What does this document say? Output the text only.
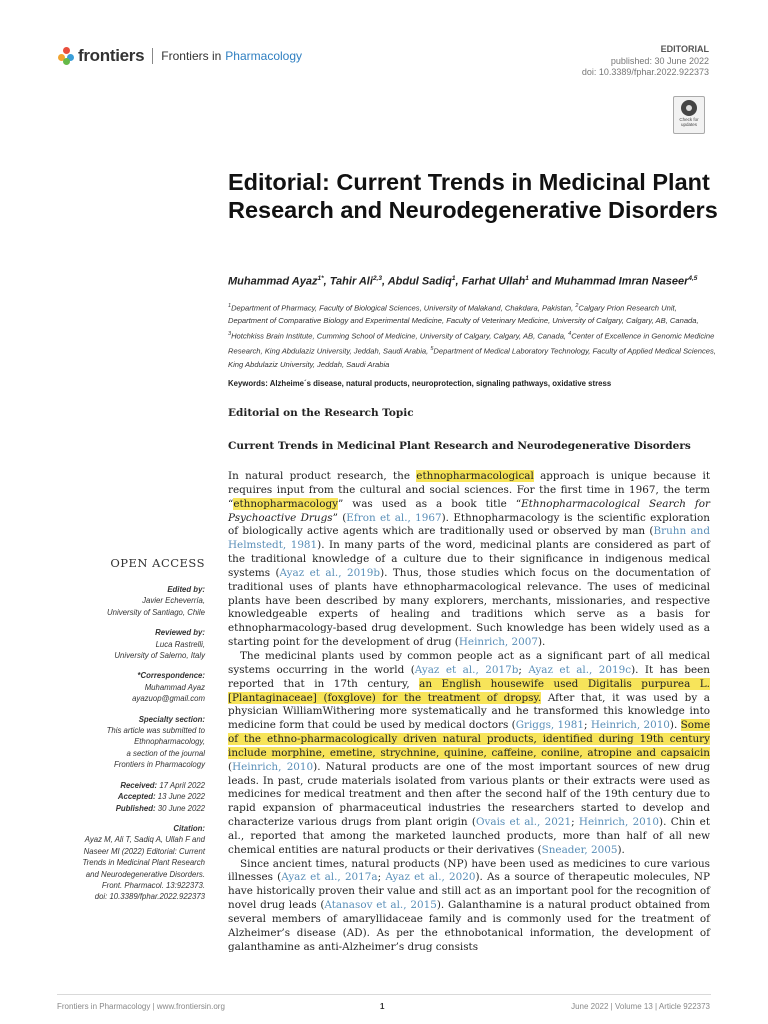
frontiers Frontiers in Pharmacology	EDITORIAL
published: 30 June 2022
doi: 10.3389/fphar.2022.922373
Check for updates
Editorial: Current Trends in Medicinal Plant Research and Neurodegenerative Disorders
Muhammad Ayaz$^{1*}$, Tahir Ali$^{2,3}$, Abdul Sadiq$^1$, Farhat Ullah$^1$ and Muhammad Imran Naseer$^{4,5}$
$^1$Department of Pharmacy, Faculty of Biological Sciences, University of Malakand, Chakdara, Pakistan, $^2$Calgary Prion Research Unit, Department of Comparative Biology and Experimental Medicine, Faculty of Veterinary Medicine, University of Calgary, Calgary, AB, Canada, $^3$Hotchkiss Brain Institute, Cumming School of Medicine, University of Calgary, Calgary, AB, Canada, $^4$Center of Excellence in Genomic Medicine Research, King Abdulaziz University, Jeddah, Saudi Arabia, $^5$Department of Medical Laboratory Technology, Faculty of Applied Medical Sciences, King Abdulaziz University, Jeddah, Saudi Arabia
Keywords: Alzheime´s disease, natural products, neuroprotection, signaling pathways, oxidative stress
Editorial on the Research Topic
Current Trends in Medicinal Plant Research and Neurodegenerative Disorders

In natural product research, the ethnopharmacological approach is unique because it requires input from the cultural and social sciences. For the first time in 1967, the term “ethnopharmacology” was used as a book title “Ethnopharmacological Search for Psychoactive Drugs” (Efron et al., 1967). Ethnopharmacology is the scientific exploration of biologically active agents which are traditionally used or observed by man (Bruhn and Helmstedt, 1981). In many parts of the word, medicinal plants are considered as part of the traditional knowledge of a culture due to their significance in indigenous medical systems (Ayaz et al., 2019b). Thus, those studies which focus on the documentation of traditional uses of plants have ethnopharmacological relevance. The uses of medicinal plants have been described by many explorers, merchants, missionaries, and respective knowledgeable experts of healing and traditions which serve as a basis for ethnopharmacology-based drug development. Such knowledge has been widely used as a starting point for the development of drug (Heinrich, 2007).

The medicinal plants used by common people act as a significant part of all medical systems occurring in the world (Ayaz et al., 2017b; Ayaz et al., 2019c). It has been reported that in 17th century, an English housewife used Digitalis purpurea L. [Plantaginaceae] (foxglove) for the treatment of dropsy. After that, it was used by a physician WilliamWithering more systematically and he transformed this knowledge into medicine form that could be used by medical doctors (Griggs, 1981; Heinrich, 2010). Some of the ethno-pharmacologically driven natural products, identified during 19th century include morphine, emetine, strychnine, quinine, caffeine, coniine, atropine and capsaicin (Heinrich, 2010). Natural products are one of the most important sources of new drug leads. In past, crude materials isolated from various plants or their extracts were used as medicines for medical treatment and then after the second half of the 19th century due to rapid expansion of pharmaceutical industries the researchers started to develop and characterize various drugs from plant origin (Ovais et al., 2021; Heinrich, 2010). Chin et al., reported that among the marketed launched products, more than half of all new chemical entities are natural products or their derivatives (Sneader, 2005).

Since ancient times, natural products (NP) have been used as medicines to cure various illnesses (Ayaz et al., 2017a; Ayaz et al., 2020). As a source of therapeutic molecules, NP have historically proven their value and still act as an important pool for the recognition of novel drug leads (Atanasov et al., 2015). Galanthamine is a natural product obtained from several members of amaryllidaceae family and is commonly used for the treatment of Alzheimer’s disease (AD). As per the ethnobotanical information, the development of galanthamine as anti-Alzheimer’s drug consists

OPEN ACCESS
Edited by:
Javier Echeverría,
University of Santiago, Chile
Reviewed by:
Luca Rastrelli,
University of Salerno, Italy
*Correspondence:
Muhammad Ayaz
ayazuop@gmail.com
Specialty section:
This article was submitted to
Ethnopharmacology,
a section of the journal
Frontiers in Pharmacology
Received: 17 April 2022
Accepted: 13 June 2022
Published: 30 June 2022
Citation:
Ayaz M, Ali T, Sadiq A, Ullah F and
Naseer MI (2022) Editorial: Current
Trends in Medicinal Plant Research
and Neurodegenerative Disorders.
Front. Pharmacol. 13:922373.
doi: 10.3389/fphar.2022.922373
Frontiers in Pharmacology | www.frontiersin.org	1	June 2022 | Volume 13 | Article 922373
